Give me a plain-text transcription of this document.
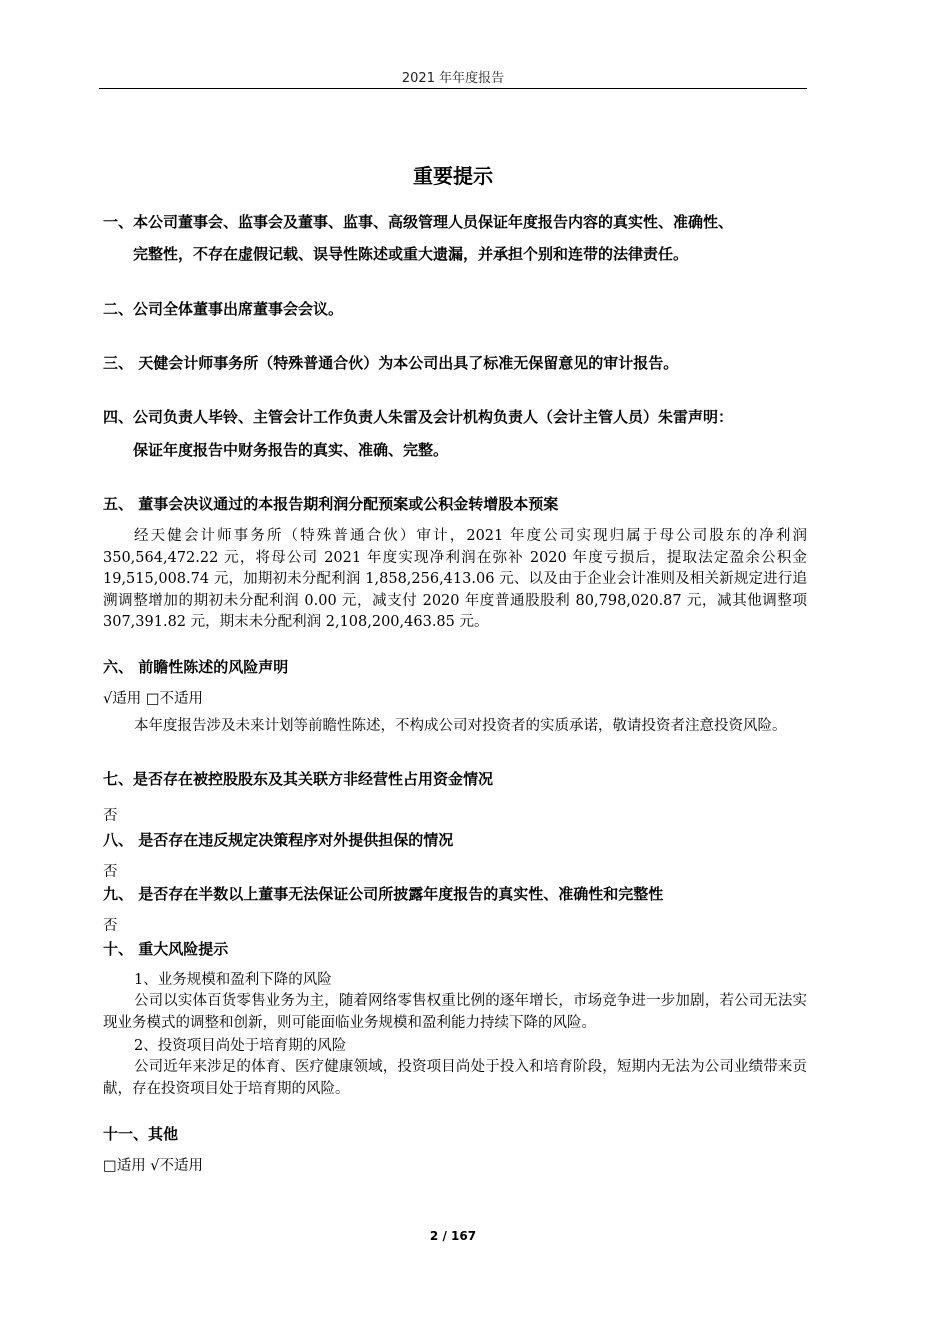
2021 年年度报告
重要提示
一、本公司董事会、监事会及董事、监事、高级管理人员保证年度报告内容的真实性、准确性、
完整性，不存在虚假记载、误导性陈述或重大遗漏，并承担个别和连带的法律责任。
二、公司全体董事出席董事会会议。
三、 天健会计师事务所（特殊普通合伙）为本公司出具了标准无保留意见的审计报告。
四、公司负责人毕铃、主管会计工作负责人朱雷及会计机构负责人（会计主管人员）朱雷声明：
保证年度报告中财务报告的真实、准确、完整。
五、 董事会决议通过的本报告期利润分配预案或公积金转增股本预案
经天健会计师事务所（特殊普通合伙）审计，2021 年度公司实现归属于母公司股东的净利润 350,564,472.22 元，将母公司 2021 年度实现净利润在弥补 2020 年度亏损后，提取法定盈余公积金 19,515,008.74 元，加期初未分配利润 1,858,256,413.06 元、以及由于企业会计准则及相关新规定进行追溯调整增加的期初未分配利润 0.00 元，减支付 2020 年度普通股股利 80,798,020.87 元，减其他调整项 307,391.82 元，期末未分配利润 2,108,200,463.85 元。
六、 前瞻性陈述的风险声明
√适用 □不适用
本年度报告涉及未来计划等前瞻性陈述，不构成公司对投资者的实质承诺，敬请投资者注意投资风险。
七、是否存在被控股股东及其关联方非经营性占用资金情况
否
八、 是否存在违反规定决策程序对外提供担保的情况
否
九、 是否存在半数以上董事无法保证公司所披露年度报告的真实性、准确性和完整性
否
十、 重大风险提示
1、业务规模和盈利下降的风险
公司以实体百货零售业务为主，随着网络零售权重比例的逐年增长，市场竞争进一步加剧，若公司无法实现业务模式的调整和创新，则可能面临业务规模和盈利能力持续下降的风险。
2、投资项目尚处于培育期的风险
公司近年来涉足的体育、医疗健康领域，投资项目尚处于投入和培育阶段，短期内无法为公司业绩带来贡献，存在投资项目处于培育期的风险。
十一、其他
□适用 √不适用
2 / 167
